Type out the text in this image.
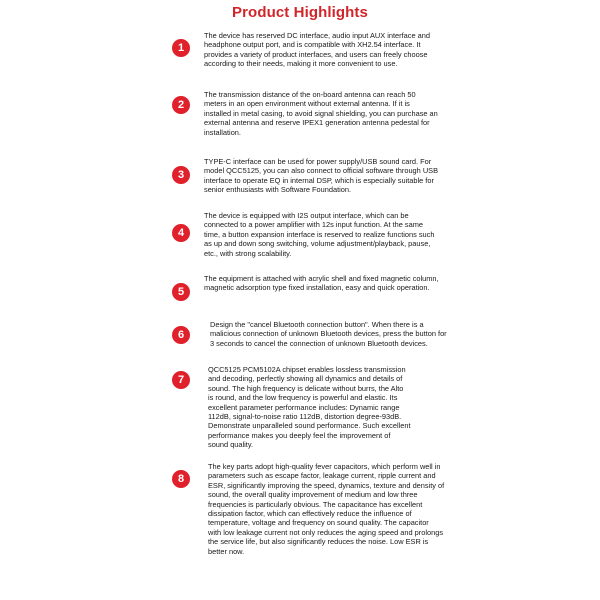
Product Highlights
1
The device has reserved DC interface, audio input AUX interface and
headphone output port, and is compatible with XH2.54 interface. It
provides a variety of product interfaces, and users can freely choose
according to their needs, making it more convenient to use.
2
The transmission distance of the on-board antenna can reach 50
meters in an open environment without external antenna. If it is
installed in metal casing, to avoid signal shielding, you can purchase an
external antenna and reserve IPEX1 generation antenna pedestal for
installation.
3
TYPE-C interface can be used for power supply/USB sound card. For
model QCC5125, you can also connect to official software through USB
interface to operate EQ in internal DSP, which is especially suitable for
senior enthusiasts with Software Foundation.
4
The device is equipped with I2S output interface, which can be
connected to a power amplifier with 12s input function. At the same
time, a button expansion interface is reserved to realize functions such
as up and down song switching, volume adjustment/playback, pause,
etc., with strong scalability.
5
The equipment is attached with acrylic shell and fixed magnetic column,
magnetic adsorption type fixed installation, easy and quick operation.
6
Design the "cancel Bluetooth connection button". When there is a
malicious connection of unknown Bluetooth devices, press the button for
3 seconds to cancel the connection of unknown Bluetooth devices.
7
QCC5125 PCM5102A chipset enables lossless transmission
and decoding, perfectly showing all dynamics and details of
sound. The high frequency is delicate without burrs, the Alto
is round, and the low frequency is powerful and elastic. Its
excellent parameter performance includes: Dynamic range
112dB, signal-to-noise ratio 112dB, distortion degree-93dB.
Demonstrate unparalleled sound performance. Such excellent
performance makes you deeply feel the improvement of
sound quality.
8
The key parts adopt high-quality fever capacitors, which perform well in
parameters such as escape factor, leakage current, ripple current and
ESR, significantly improving the speed, dynamics, texture and density of
sound, the overall quality improvement of medium and low three
frequencies is particularly obvious. The capacitance has excellent
dissipation factor, which can effectively reduce the influence of
temperature, voltage and frequency on sound quality. The capacitor
with low leakage current not only reduces the aging speed and prolongs
the service life, but also significantly reduces the noise. Low ESR is
better now.
